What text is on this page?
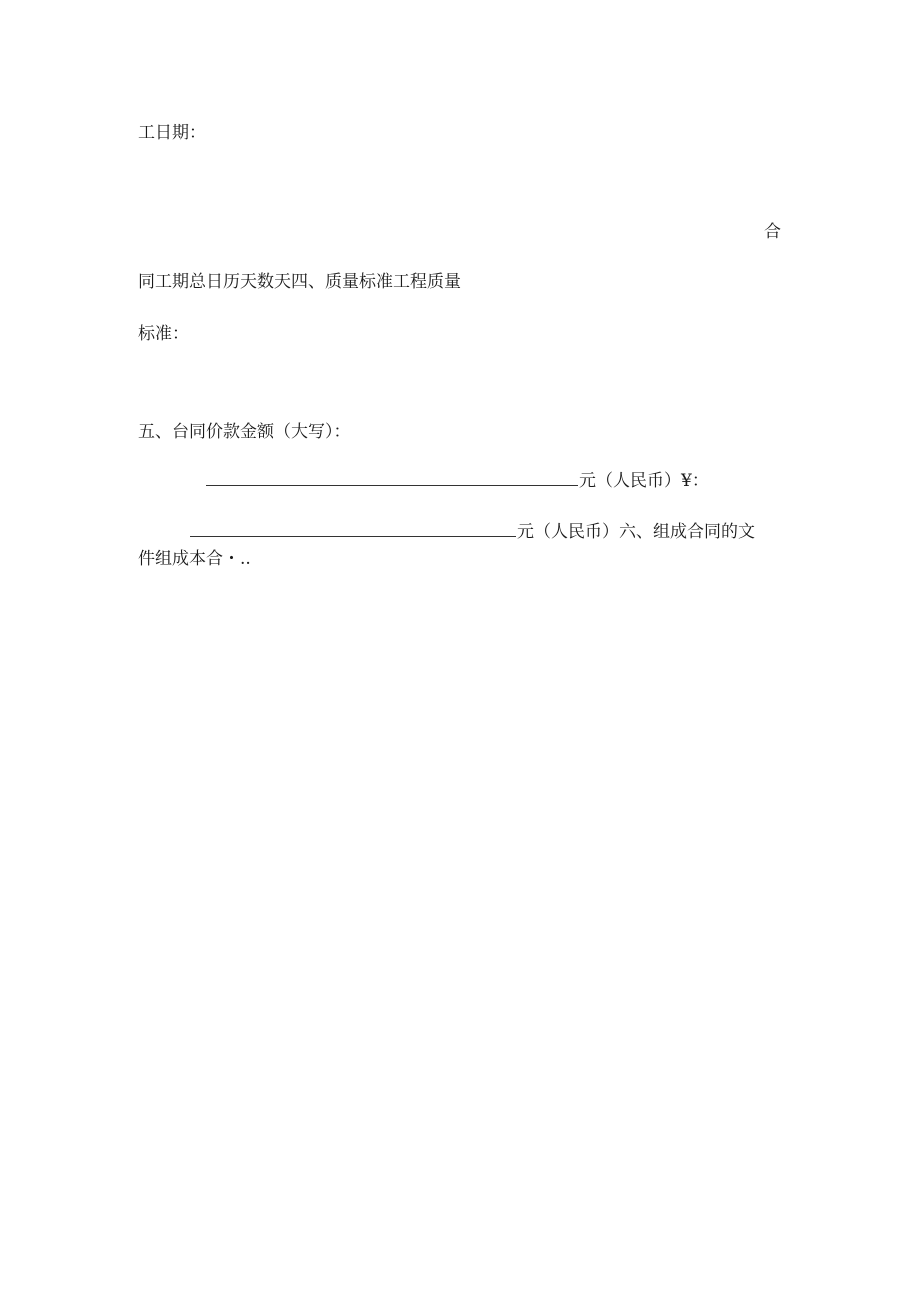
工日期：
合
同工期总日历天数天四、质量标准工程质量
标准：
五、台同价款金额（大写）：
元（人民币）¥：
元（人民币）六、组成合同的文
件组成本合・..
